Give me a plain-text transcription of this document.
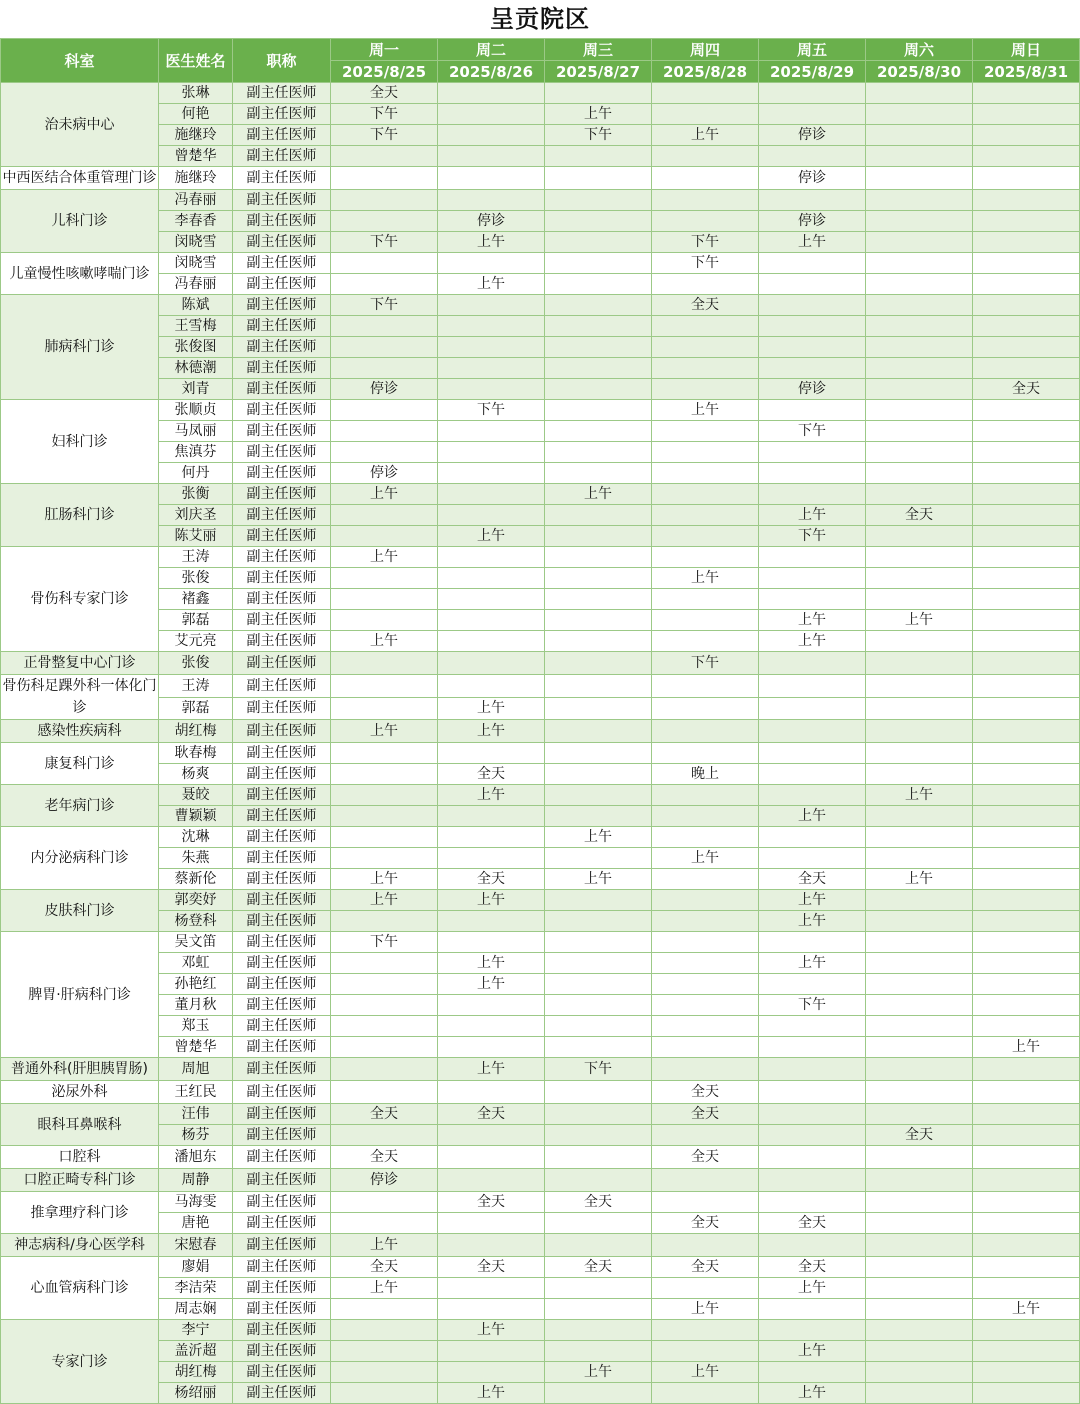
呈贡院区
科室	医生姓名	职称	周一	周二	周三	周四	周五	周六	周日
			2025/8/25	2025/8/26	2025/8/27	2025/8/28	2025/8/29	2025/8/30	2025/8/31
治未病中心	张琳	副主任医师	全天						
	何艳	副主任医师	下午		上午				
	施继玲	副主任医师	下午		下午	上午	停诊		
	曾楚华	副主任医师							
中西医结合体重管理门诊	施继玲	副主任医师					停诊		
儿科门诊	冯春丽	副主任医师							
	李春香	副主任医师		停诊			停诊		
	闵晓雪	副主任医师	下午	上午		下午	上午		
儿童慢性咳嗽哮喘门诊	闵晓雪	副主任医师				下午			
	冯春丽	副主任医师		上午					
肺病科门诊	陈斌	副主任医师	下午			全天			
	王雪梅	副主任医师							
	张俊图	副主任医师							
	林德潮	副主任医师							
	刘青	副主任医师	停诊				停诊		全天
妇科门诊	张顺贞	副主任医师		下午		上午			
	马凤丽	副主任医师					下午		
	焦滇芬	副主任医师							
	何丹	副主任医师	停诊						
肛肠科门诊	张衡	副主任医师	上午		上午				
	刘庆圣	副主任医师					上午	全天	
	陈艾丽	副主任医师		上午			下午		
骨伤科专家门诊	王涛	副主任医师	上午						
	张俊	副主任医师				上午			
	褚鑫	副主任医师							
	郭磊	副主任医师					上午	上午	
	艾元亮	副主任医师	上午				上午		
正骨整复中心门诊	张俊	副主任医师				下午			
骨伤科足踝外科一体化门诊	王涛	副主任医师							
	郭磊	副主任医师		上午					
感染性疾病科	胡红梅	副主任医师	上午	上午					
康复科门诊	耿春梅	副主任医师							
	杨爽	副主任医师		全天		晚上			
老年病门诊	聂皎	副主任医师		上午				上午	
	曹颖颖	副主任医师					上午		
内分泌病科门诊	沈琳	副主任医师			上午				
	朱燕	副主任医师				上午			
	蔡新伦	副主任医师	上午	全天	上午		全天	上午	
皮肤科门诊	郭奕妤	副主任医师	上午	上午			上午		
	杨登科	副主任医师					上午		
脾胃·肝病科门诊	吴文笛	副主任医师	下午						
	邓虹	副主任医师		上午			上午		
	孙艳红	副主任医师		上午					
	董月秋	副主任医师					下午		
	郑玉	副主任医师							
	曾楚华	副主任医师							上午
普通外科(肝胆胰胃肠)	周旭	副主任医师		上午	下午				
泌尿外科	王红民	副主任医师				全天			
眼科耳鼻喉科	汪伟	副主任医师	全天	全天		全天			
	杨芬	副主任医师						全天	
口腔科	潘旭东	副主任医师	全天			全天			
口腔正畸专科门诊	周静	副主任医师	停诊						
推拿理疗科门诊	马海雯	副主任医师		全天	全天				
	唐艳	副主任医师				全天	全天		
神志病科/身心医学科	宋慰春	副主任医师	上午						
心血管病科门诊	廖娟	副主任医师	全天	全天	全天	全天	全天		
	李洁荣	副主任医师	上午				上午		
	周志娴	副主任医师				上午			上午
专家门诊	李宁	副主任医师		上午					
	盖沂超	副主任医师					上午		
	胡红梅	副主任医师			上午	上午			
	杨绍丽	副主任医师		上午			上午		
